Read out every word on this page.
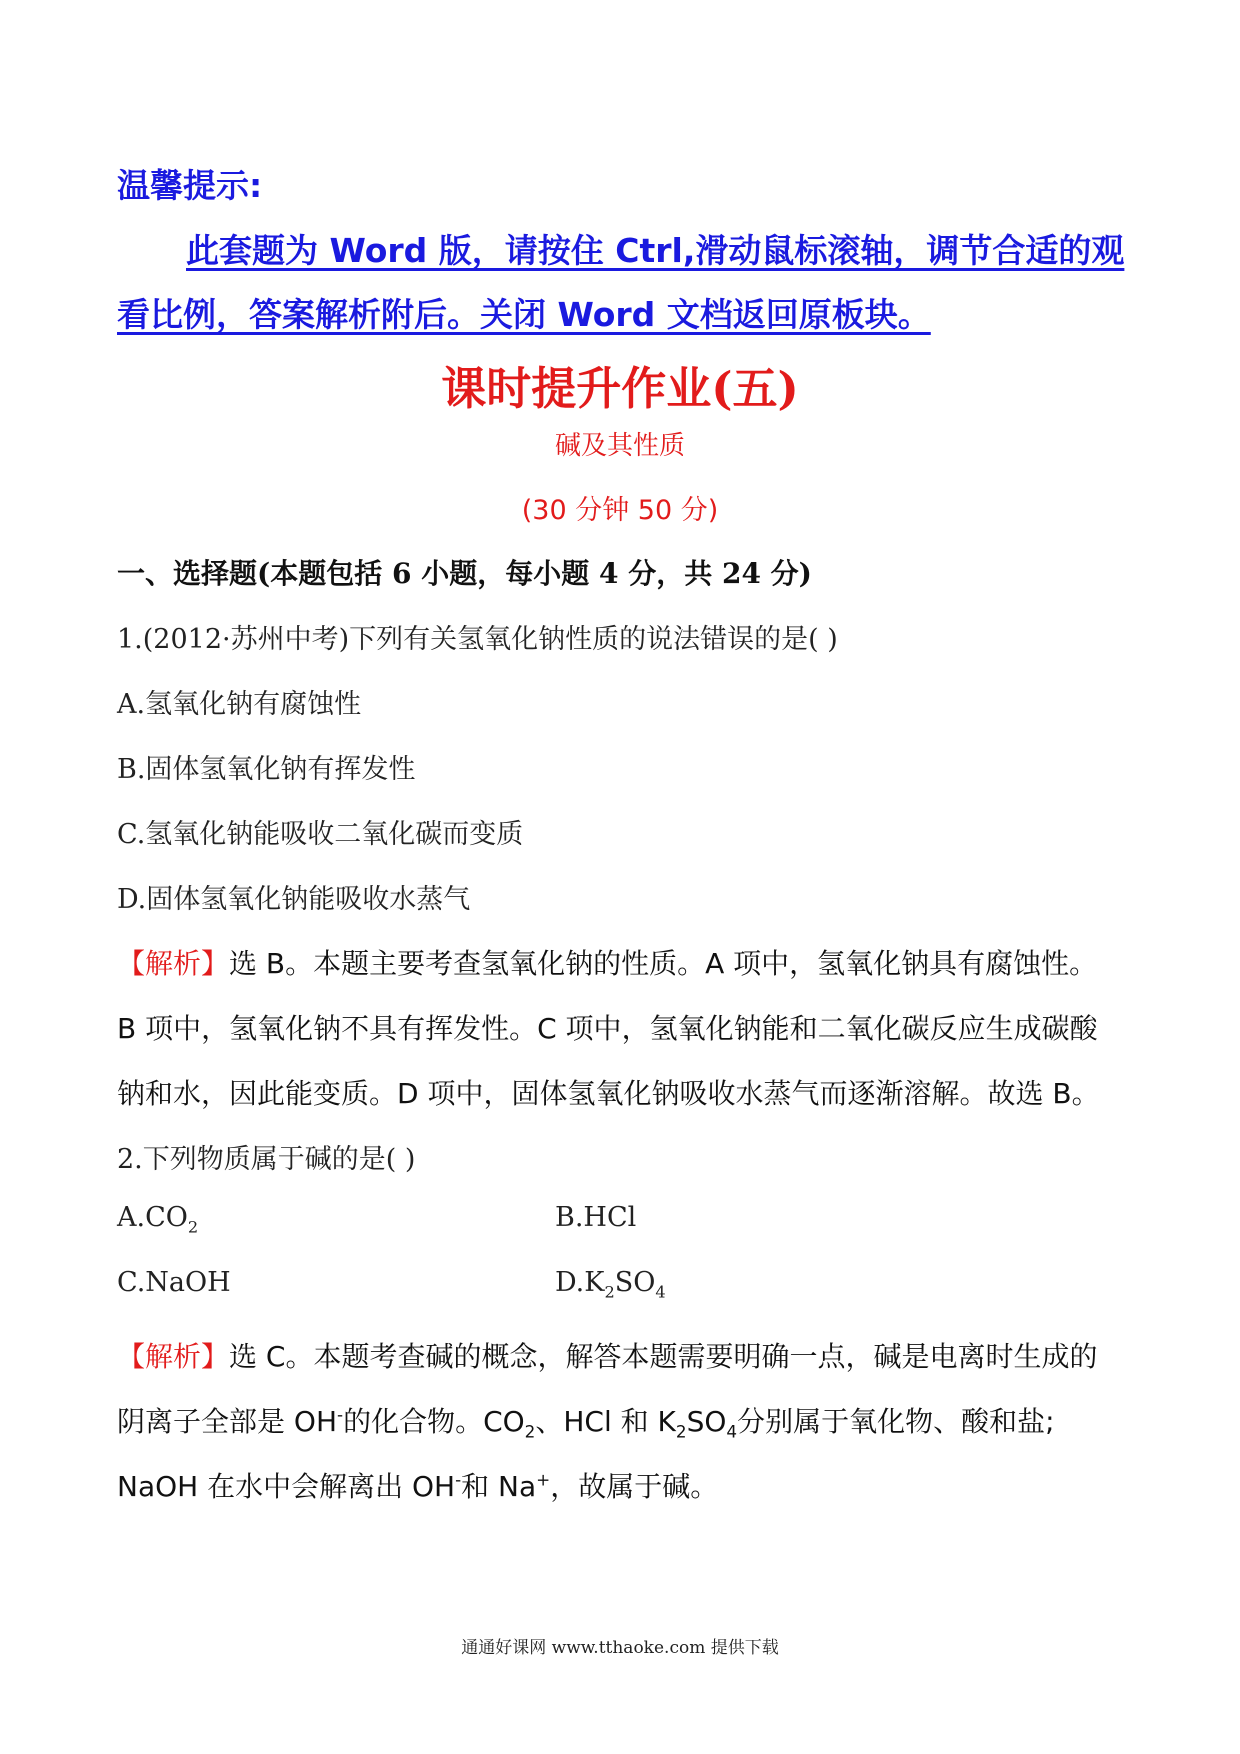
温馨提示:
此套题为 Word 版，请按住 Ctrl,滑动鼠标滚轴，调节合适的观
看比例，答案解析附后。关闭 Word 文档返回原板块。
课时提升作业(五)
碱及其性质
(30 分钟 50 分)
一、选择题(本题包括 6 小题，每小题 4 分，共 24 分)
1.(2012·苏州中考)下列有关氢氧化钠性质的说法错误的是( )
A.氢氧化钠有腐蚀性
B.固体氢氧化钠有挥发性
C.氢氧化钠能吸收二氧化碳而变质
D.固体氢氧化钠能吸收水蒸气
【解析】选 B。本题主要考查氢氧化钠的性质。A 项中，氢氧化钠具有腐蚀性。
B 项中，氢氧化钠不具有挥发性。C 项中，氢氧化钠能和二氧化碳反应生成碳酸
钠和水，因此能变质。D 项中，固体氢氧化钠吸收水蒸气而逐渐溶解。故选 B。
2.下列物质属于碱的是( )
$A.CO_2$	B.HCl
C.NaOH	$D.K_2SO_4$
【解析】选 C。本题考查碱的概念，解答本题需要明确一点，碱是电离时生成的
阴离子全部是 OH-的化合物。$CO_2$、HCl 和 $K_2SO_4$分别属于氧化物、酸和盐;
NaOH 在水中会解离出 OH-和 Na+，故属于碱。
通通好课网 www.tthaoke.com 提供下载
